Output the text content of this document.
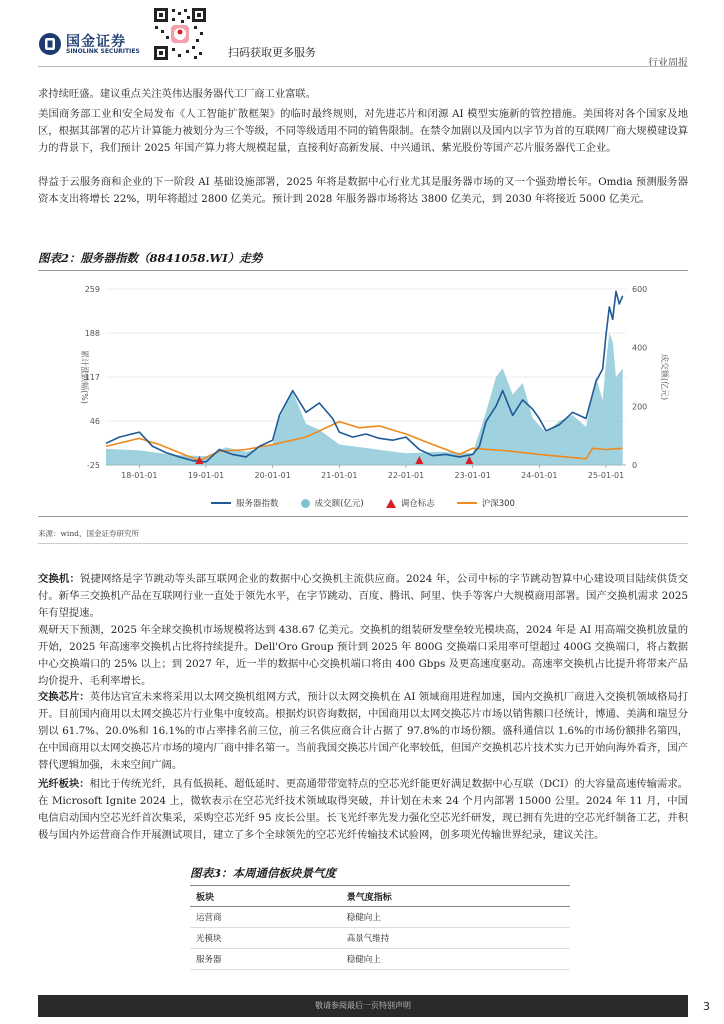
国金证券
SINOLINK SECURITIES	扫码获取更多服务
行业周报
求持续旺盛。建议重点关注英伟达服务器代工厂商工业富联。
美国商务部工业和安全局发布《人工智能扩散框架》的临时最终规则，对先进芯片和闭源 AI 模型实施新的管控措施。美国将对各个国家及地区，根据其部署的芯片计算能力被划分为三个等级，不同等级适用不同的销售限制。在禁令加剧以及国内以字节为首的互联网厂商大规模建设算力的背景下，我们预计 2025 年国产算力将大规模起量，直接利好高新发展、中兴通讯、紫光股份等国产芯片服务器代工企业。
得益于云服务商和企业的下一阶段 AI 基础设施部署，2025 年将是数据中心行业尤其是服务器市场的又一个强劲增长年。Omdia 预测服务器资本支出将增长 22%，明年将超过 2800 亿美元。预计到 2028 年服务器市场将达 3800 亿美元，到 2030 年将接近 5000 亿美元。
图表2：服务器指数（8841058.WI）走势
259
188
117
46
-25
600
400
200
0
累计涨跌幅(%)	成交额(亿元)
18-01-01	19-01-01	20-01-01	21-01-01	22-01-01	23-01-01	24-01-01	25-01-01
服务器指数	成交额(亿元)	调仓标志	沪深300
来源：wind，国金证券研究所
交换机：锐捷网络是字节跳动等头部互联网企业的数据中心交换机主流供应商。2024 年，公司中标的字节跳动智算中心建设项目陆续供货交付。新华三交换机产品在互联网行业一直处于领先水平，在字节跳动、百度、腾讯、阿里、快手等客户大规模商用部署。国产交换机需求 2025 年有望提速。
观研天下预测，2025 年全球交换机市场规模将达到 438.67 亿美元。交换机的组装研发壁垒较光模块高，2024 年是 AI 用高端交换机放量的开始，2025 年高速率交换机占比将持续提升。Dell'Oro Group 预计到 2025 年 800G 交换端口采用率可望超过 400G 交换端口，将占数据中心交换端口的 25% 以上；到 2027 年，近一半的数据中心交换机端口将由 400 Gbps 及更高速度驱动。高速率交换机占比提升将带来产品均价提升、毛利率增长。
交换芯片：英伟达官宣未来将采用以太网交换机组网方式，预计以太网交换机在 AI 领域商用进程加速，国内交换机厂商进入交换机领域格局打开。目前国内商用以太网交换芯片行业集中度较高。根据灼识咨询数据，中国商用以太网交换芯片市场以销售额口径统计，博通、美满和瑞昱分别以 61.7%、20.0%和 16.1%的市占率排名前三位，前三名供应商合计占据了 97.8%的市场份额。盛科通信以 1.6%的市场份额排名第四，在中国商用以太网交换芯片市场的境内厂商中排名第一。当前我国交换芯片国产化率较低，但国产交换机芯片技术实力已开始向海外看齐，国产替代逻辑加强，未来空间广阔。
光纤板块：相比于传统光纤，具有低损耗、超低延时、更高通带带宽特点的空芯光纤能更好满足数据中心互联（DCI）的大容量高速传输需求。在 Microsoft Ignite 2024 上，微软表示在空芯光纤技术领域取得突破，并计划在未来 24 个月内部署 15000 公里。2024 年 11 月，中国电信启动国内空芯光纤首次集采，采购空芯光纤 95 皮长公里。长飞光纤率先发力强化空芯光纤研发，现已拥有先进的空芯光纤制备工艺，并积极与国内外运营商合作开展测试项目，建立了多个全球领先的空芯光纤传输技术试验网，创多项光传输世界纪录，建议关注。
图表3：本周通信板块景气度
板块	景气度指标
运营商	稳健向上
光模块	高景气维持
服务器	稳健向上
敬请参阅最后一页特别声明	3
